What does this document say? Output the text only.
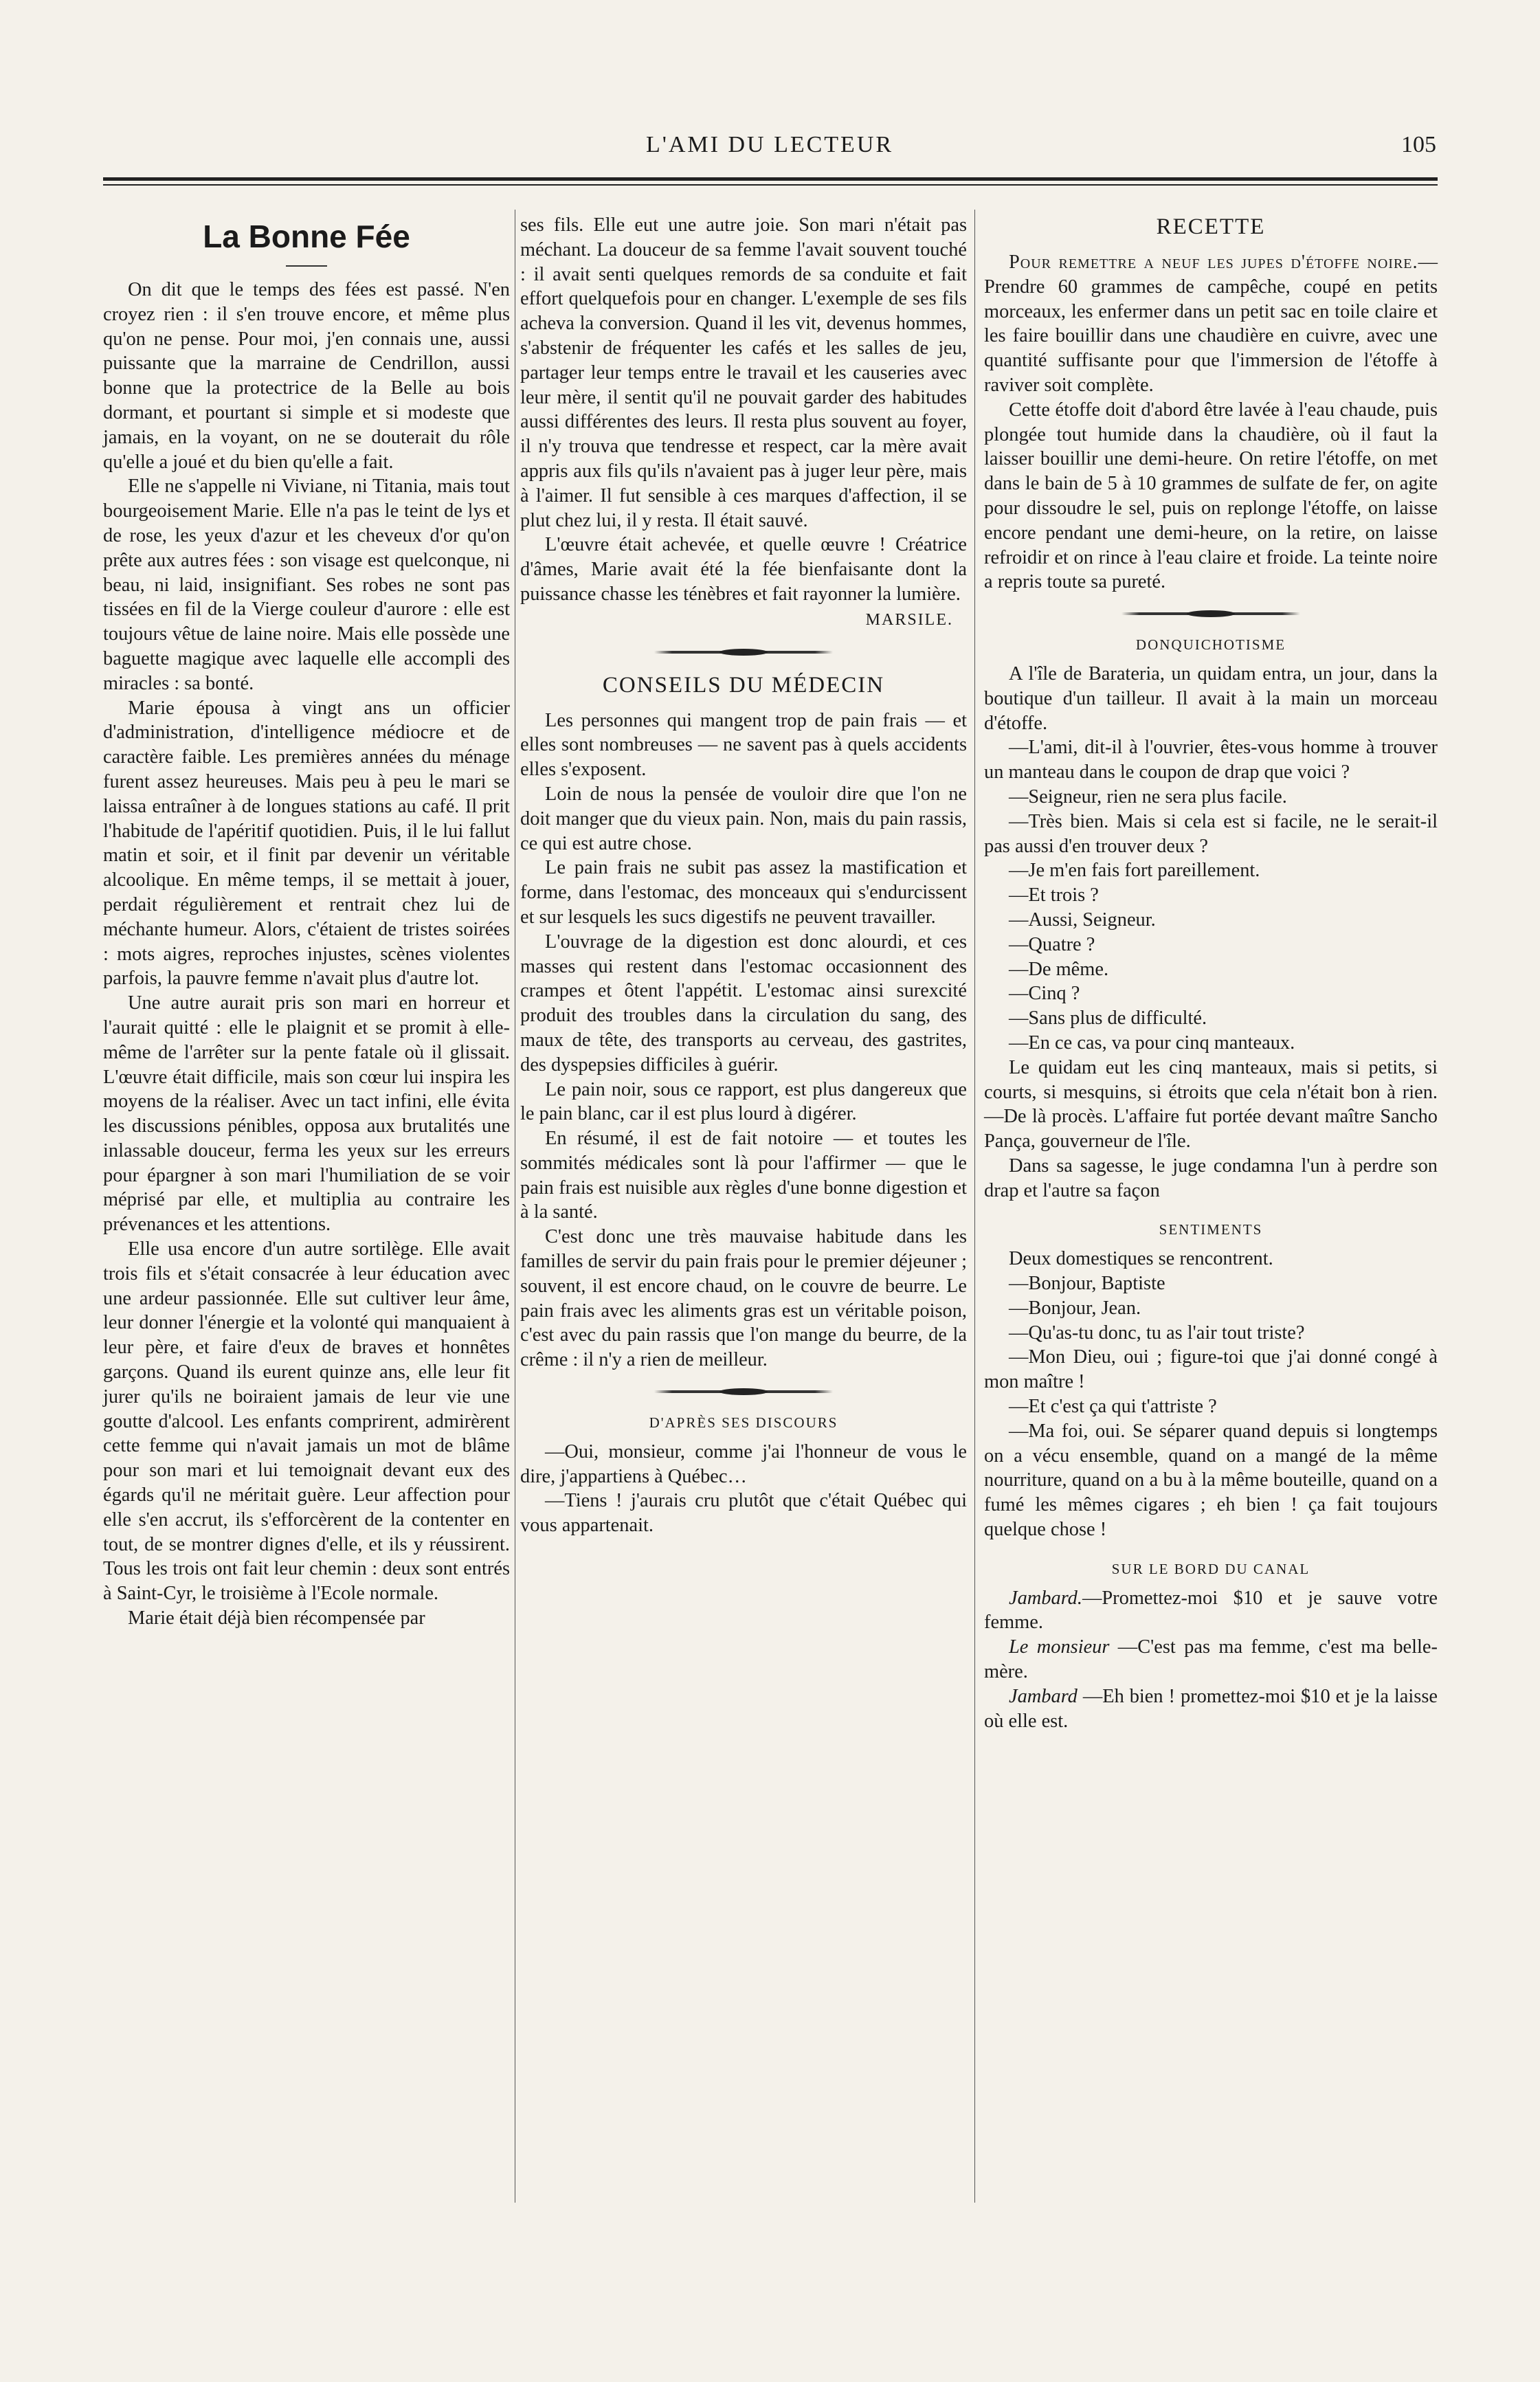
L'AMI DU LECTEUR	105
La Bonne Fée

On dit que le temps des fées est passé. N'en croyez rien : il s'en trouve encore, et même plus qu'on ne pense. Pour moi, j'en connais une, aussi puissante que la marraine de Cendrillon, aussi bonne que la protectrice de la Belle au bois dormant, et pourtant si simple et si modeste que jamais, en la voyant, on ne se douterait du rôle qu'elle a joué et du bien qu'elle a fait.

Elle ne s'appelle ni Viviane, ni Titania, mais tout bourgeoisement Marie. Elle n'a pas le teint de lys et de rose, les yeux d'azur et les cheveux d'or qu'on prête aux autres fées : son visage est quelconque, ni beau, ni laid, insignifiant. Ses robes ne sont pas tissées en fil de la Vierge couleur d'aurore : elle est toujours vêtue de laine noire. Mais elle possède une baguette magique avec laquelle elle accompli des miracles : sa bonté.

Marie épousa à vingt ans un officier d'administration, d'intelligence médiocre et de caractère faible. Les premières années du ménage furent assez heureuses. Mais peu à peu le mari se laissa entraîner à de longues stations au café. Il prit l'habitude de l'apéritif quotidien. Puis, il le lui fallut matin et soir, et il finit par devenir un véritable alcoolique. En même temps, il se mettait à jouer, perdait régulièrement et rentrait chez lui de méchante humeur. Alors, c'étaient de tristes soirées : mots aigres, reproches injustes, scènes violentes parfois, la pauvre femme n'avait plus d'autre lot.

Une autre aurait pris son mari en horreur et l'aurait quitté : elle le plaignit et se promit à elle-même de l'arrêter sur la pente fatale où il glissait. L'œuvre était difficile, mais son cœur lui inspira les moyens de la réaliser. Avec un tact infini, elle évita les discussions pénibles, opposa aux brutalités une inlassable douceur, ferma les yeux sur les erreurs pour épargner à son mari l'humiliation de se voir méprisé par elle, et multiplia au contraire les prévenances et les attentions.

Elle usa encore d'un autre sortilège. Elle avait trois fils et s'était consacrée à leur éducation avec une ardeur passionnée. Elle sut cultiver leur âme, leur donner l'énergie et la volonté qui manquaient à leur père, et faire d'eux de braves et honnêtes garçons. Quand ils eurent quinze ans, elle leur fit jurer qu'ils ne boiraient jamais de leur vie une goutte d'alcool. Les enfants comprirent, admirèrent cette femme qui n'avait jamais un mot de blâme pour son mari et lui temoignait devant eux des égards qu'il ne méritait guère. Leur affection pour elle s'en accrut, ils s'efforcèrent de la contenter en tout, de se montrer dignes d'elle, et ils y réussirent. Tous les trois ont fait leur chemin : deux sont entrés à Saint-Cyr, le troisième à l'Ecole normale.

Marie était déjà bien récompensée par

ses fils. Elle eut une autre joie. Son mari n'était pas méchant. La douceur de sa femme l'avait souvent touché : il avait senti quelques remords de sa conduite et fait effort quelquefois pour en changer. L'exemple de ses fils acheva la conversion. Quand il les vit, devenus hommes, s'abstenir de fréquenter les cafés et les salles de jeu, partager leur temps entre le travail et les causeries avec leur mère, il sentit qu'il ne pouvait garder des habitudes aussi différentes des leurs. Il resta plus souvent au foyer, il n'y trouva que tendresse et respect, car la mère avait appris aux fils qu'ils n'avaient pas à juger leur père, mais à l'aimer. Il fut sensible à ces marques d'affection, il se plut chez lui, il y resta. Il était sauvé.

L'œuvre était achevée, et quelle œuvre ! Créatrice d'âmes, Marie avait été la fée bienfaisante dont la puissance chasse les ténèbres et fait rayonner la lumière.

MARSILE.
CONSEILS DU MÉDECIN

Les personnes qui mangent trop de pain frais — et elles sont nombreuses — ne savent pas à quels accidents elles s'exposent.

Loin de nous la pensée de vouloir dire que l'on ne doit manger que du vieux pain. Non, mais du pain rassis, ce qui est autre chose.

Le pain frais ne subit pas assez la mastification et forme, dans l'estomac, des monceaux qui s'endurcissent et sur lesquels les sucs digestifs ne peuvent travailler.

L'ouvrage de la digestion est donc alourdi, et ces masses qui restent dans l'estomac occasionnent des crampes et ôtent l'appétit. L'estomac ainsi surexcité produit des troubles dans la circulation du sang, des maux de tête, des transports au cerveau, des gastrites, des dyspepsies difficiles à guérir.

Le pain noir, sous ce rapport, est plus dangereux que le pain blanc, car il est plus lourd à digérer.

En résumé, il est de fait notoire — et toutes les sommités médicales sont là pour l'affirmer — que le pain frais est nuisible aux règles d'une bonne digestion et à la santé.

C'est donc une très mauvaise habitude dans les familles de servir du pain frais pour le premier déjeuner ; souvent, il est encore chaud, on le couvre de beurre. Le pain frais avec les aliments gras est un véritable poison, c'est avec du pain rassis que l'on mange du beurre, de la crême : il n'y a rien de meilleur.

D'APRÈS SES DISCOURS

—Oui, monsieur, comme j'ai l'honneur de vous le dire, j'appartiens à Québec…

—Tiens ! j'aurais cru plutôt que c'était Québec qui vous appartenait.

RECETTE

Pour remettre a neuf les jupes d'étoffe noire.—Prendre 60 grammes de campêche, coupé en petits morceaux, les enfermer dans un petit sac en toile claire et les faire bouillir dans une chaudière en cuivre, avec une quantité suffisante pour que l'immersion de l'étoffe à raviver soit complète.

Cette étoffe doit d'abord être lavée à l'eau chaude, puis plongée tout humide dans la chaudière, où il faut la laisser bouillir une demi-heure. On retire l'étoffe, on met dans le bain de 5 à 10 grammes de sulfate de fer, on agite pour dissoudre le sel, puis on replonge l'étoffe, on laisse encore pendant une demi-heure, on la retire, on laisse refroidir et on rince à l'eau claire et froide. La teinte noire a repris toute sa pureté.

DONQUICHOTISME

A l'île de Barateria, un quidam entra, un jour, dans la boutique d'un tailleur. Il avait à la main un morceau d'étoffe.

—L'ami, dit-il à l'ouvrier, êtes-vous homme à trouver un manteau dans le coupon de drap que voici ?

—Seigneur, rien ne sera plus facile.

—Très bien. Mais si cela est si facile, ne le serait-il pas aussi d'en trouver deux ?

—Je m'en fais fort pareillement.

—Et trois ?

—Aussi, Seigneur.

—Quatre ?

—De même.

—Cinq ?

—Sans plus de difficulté.

—En ce cas, va pour cinq manteaux.

Le quidam eut les cinq manteaux, mais si petits, si courts, si mesquins, si étroits que cela n'était bon à rien. —De là procès. L'affaire fut portée devant maître Sancho Pança, gouverneur de l'île.

Dans sa sagesse, le juge condamna l'un à perdre son drap et l'autre sa façon

SENTIMENTS

Deux domestiques se rencontrent.

—Bonjour, Baptiste

—Bonjour, Jean.

—Qu'as-tu donc, tu as l'air tout triste?

—Mon Dieu, oui ; figure-toi que j'ai donné congé à mon maître !

—Et c'est ça qui t'attriste ?

—Ma foi, oui. Se séparer quand depuis si longtemps on a vécu ensemble, quand on a mangé de la même nourriture, quand on a bu à la même bouteille, quand on a fumé les mêmes cigares ; eh bien ! ça fait toujours quelque chose !

SUR LE BORD DU CANAL

Jambard.—Promettez-moi $10 et je sauve votre femme.

Le monsieur —C'est pas ma femme, c'est ma belle-mère.

Jambard —Eh bien ! promettez-moi $10 et je la laisse où elle est.
